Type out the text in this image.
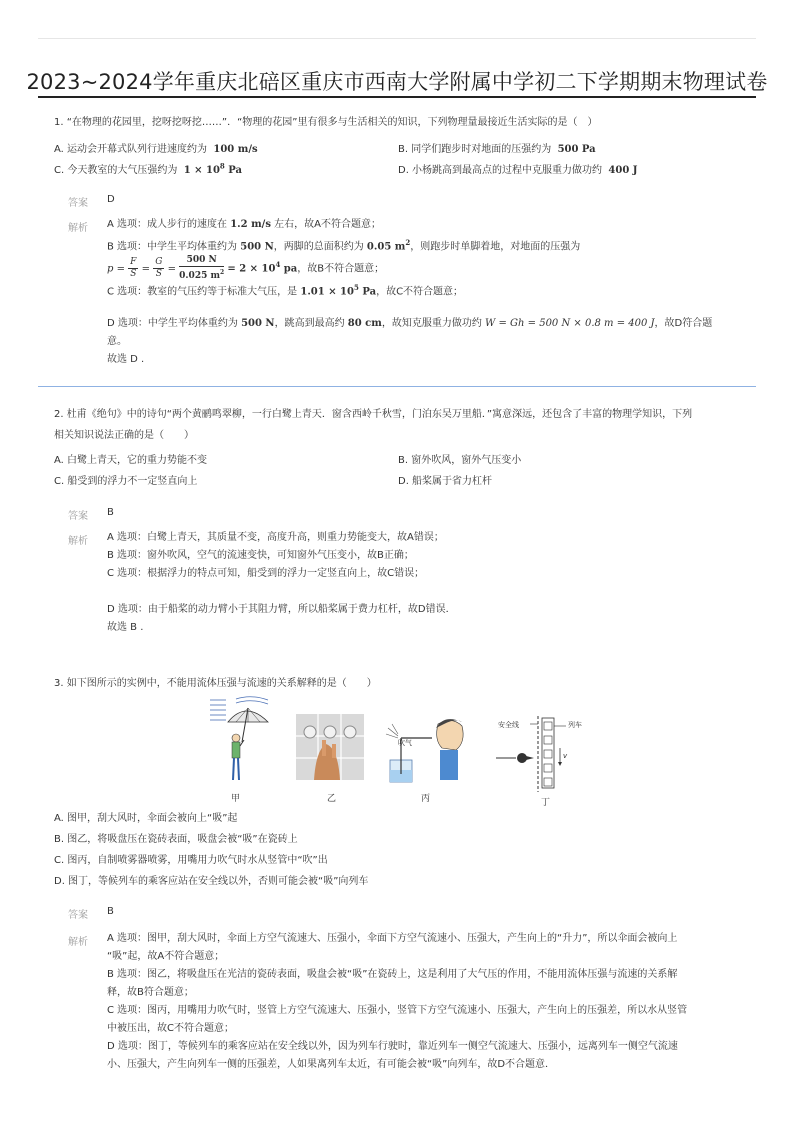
2023~2024学年重庆北碚区重庆市西南大学附属中学初二下学期期末物理试卷
1. “在物理的花园里，挖呀挖呀挖……”．“物理的花园”里有很多与生活相关的知识，下列物理量最接近生活实际的是（　）
A. 运动会开幕式队列行进速度约为 100 m/s	B. 同学们跑步时对地面的压强约为 500 Pa
C. 今天教室的大气压强约为 $1 \times 10^8$ Pa	D. 小杨跳高到最高点的过程中克服重力做功约 400 J
答案 D
解析 A 选项：成人步行的速度在 1.2 m/s 左右，故A不符合题意；
B 选项：中学生平均体重约为 500 N，两脚的总面积约为 0.05 $m^2$，则跑步时单脚着地，对地面的压强为
$p = \frac{F}{S} = \frac{G}{S} = \frac{500 N}{0.025 m^2} = 2 \times 10^4$ pa，故B不符合题意；
C 选项：教室的气压约等于标准大气压，是 $1.01 \times 10^5$ Pa，故C不符合题意；
D 选项：中学生平均体重约为 500 N，跳高到最高约 80 cm，故知克服重力做功约 W = Gh = 500 N × 0.8 m = 400 J，故D符合题
意。
故选 D .
2. 杜甫《绝句》中的诗句“两个黄鹂鸣翠柳，一行白鹭上青天．窗含西岭千秋雪，门泊东吴万里船．”寓意深远，还包含了丰富的物理学知识，下列
相关知识说法正确的是（　　）
A. 白鹭上青天，它的重力势能不变	B. 窗外吹风，窗外气压变小
C. 船受到的浮力不一定竖直向上	D. 船桨属于省力杠杆
答案 B
解析 A 选项：白鹭上青天，其质量不变，高度升高，则重力势能变大，故A错误；
B 选项：窗外吹风，空气的流速变快，可知窗外气压变小，故B正确；
C 选项：根据浮力的特点可知，船受到的浮力一定竖直向上，故C错误；
D 选项：由于船桨的动力臂小于其阻力臂，所以船桨属于费力杠杆，故D错误．
故选 B .
3. 如下图所示的实例中，不能用流体压强与流速的关系解释的是（　　）
甲	乙
吹气
丙
安全线	列车
v
丁
A. 图甲，刮大风时，伞面会被向上“吸”起
B. 图乙，将吸盘压在瓷砖表面，吸盘会被“吸”在瓷砖上
C. 图丙，自制喷雾器喷雾，用嘴用力吹气时水从竖管中“吹”出
D. 图丁，等候列车的乘客应站在安全线以外，否则可能会被“吸”向列车
答案 B
解析 A 选项：图甲，刮大风时，伞面上方空气流速大、压强小，伞面下方空气流速小、压强大，产生向上的“升力”，所以伞面会被向上
“吸”起，故A不符合题意；
B 选项：图乙，将吸盘压在光洁的瓷砖表面，吸盘会被“吸”在瓷砖上，这是利用了大气压的作用，不能用流体压强与流速的关系解
释，故B符合题意；
C 选项：图丙，用嘴用力吹气时，竖管上方空气流速大、压强小，竖管下方空气流速小、压强大，产生向上的压强差，所以水从竖管
中被压出，故C不符合题意；
D 选项：图丁，等候列车的乘客应站在安全线以外，因为列车行驶时，靠近列车一侧空气流速大、压强小，远离列车一侧空气流速
小、压强大，产生向列车一侧的压强差，人如果离列车太近，有可能会被“吸”向列车，故D不合题意．
